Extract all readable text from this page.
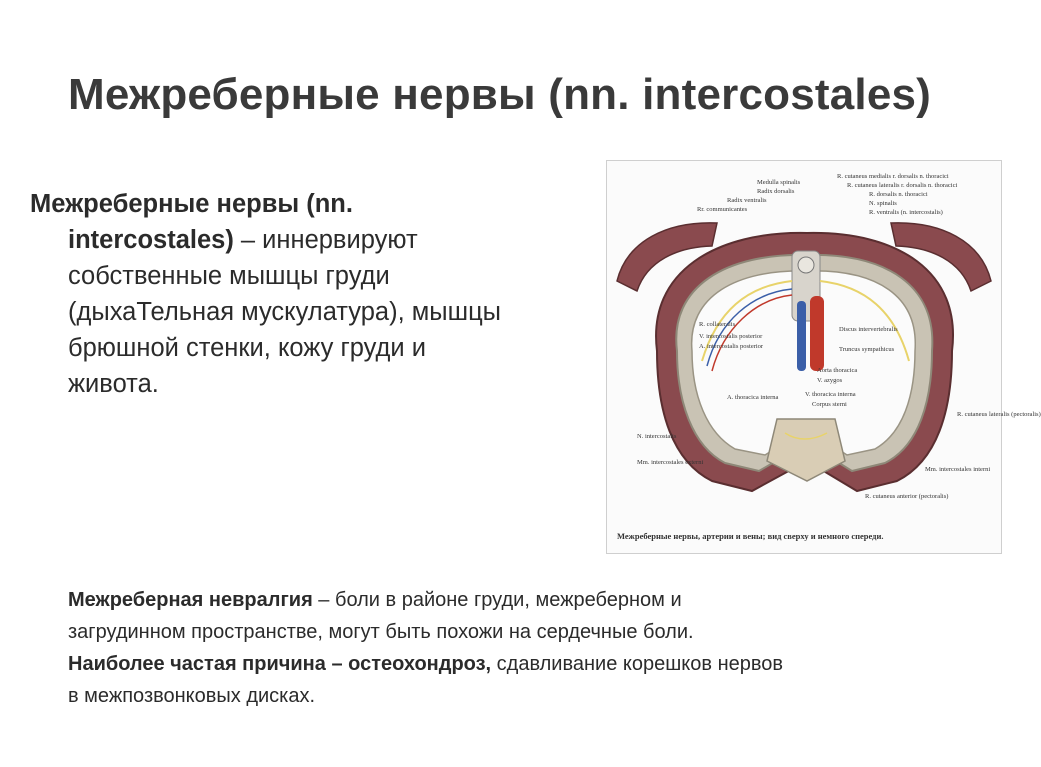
Межреберные нервы (nn. intercostales)
Межреберные нервы (nn.
intercostales) – иннервируют
собственные мышцы груди
(дыхаТельная мускулатура), мышцы
брюшной стенки, кожу груди и
живота.
Medulla spinalis
Radix dorsalis
Radix ventralis
Rr. communicantes
R. cutaneus medialis r. dorsalis n. thoracici
R. cutaneus lateralis r. dorsalis n. thoracici
R. dorsalis n. thoracici
N. spinalis
R. ventralis (n. intercostalis)
R. collateralis
V. intercostalis posterior
A. intercostalis posterior
Discus intervertebralis
Truncus sympathicus
Aorta thoracica
V. azygos
A. thoracica interna	V. thoracica interna
Corpus sterni
N. intercostalis
Mm. intercostales externi
Mm. intercostales interni
R. cutaneus lateralis (pectoralis)
R. cutaneus anterior (pectoralis)
Межреберные нервы, артерии и вены; вид сверху и немного спереди.

Межреберная невралгия – боли в районе груди, межреберном и

загрудинном пространстве, могут быть похожи на сердечные боли.

Наиболее частая причина – остеохондроз, сдавливание корешков нервов

в межпозвонковых дисках.
